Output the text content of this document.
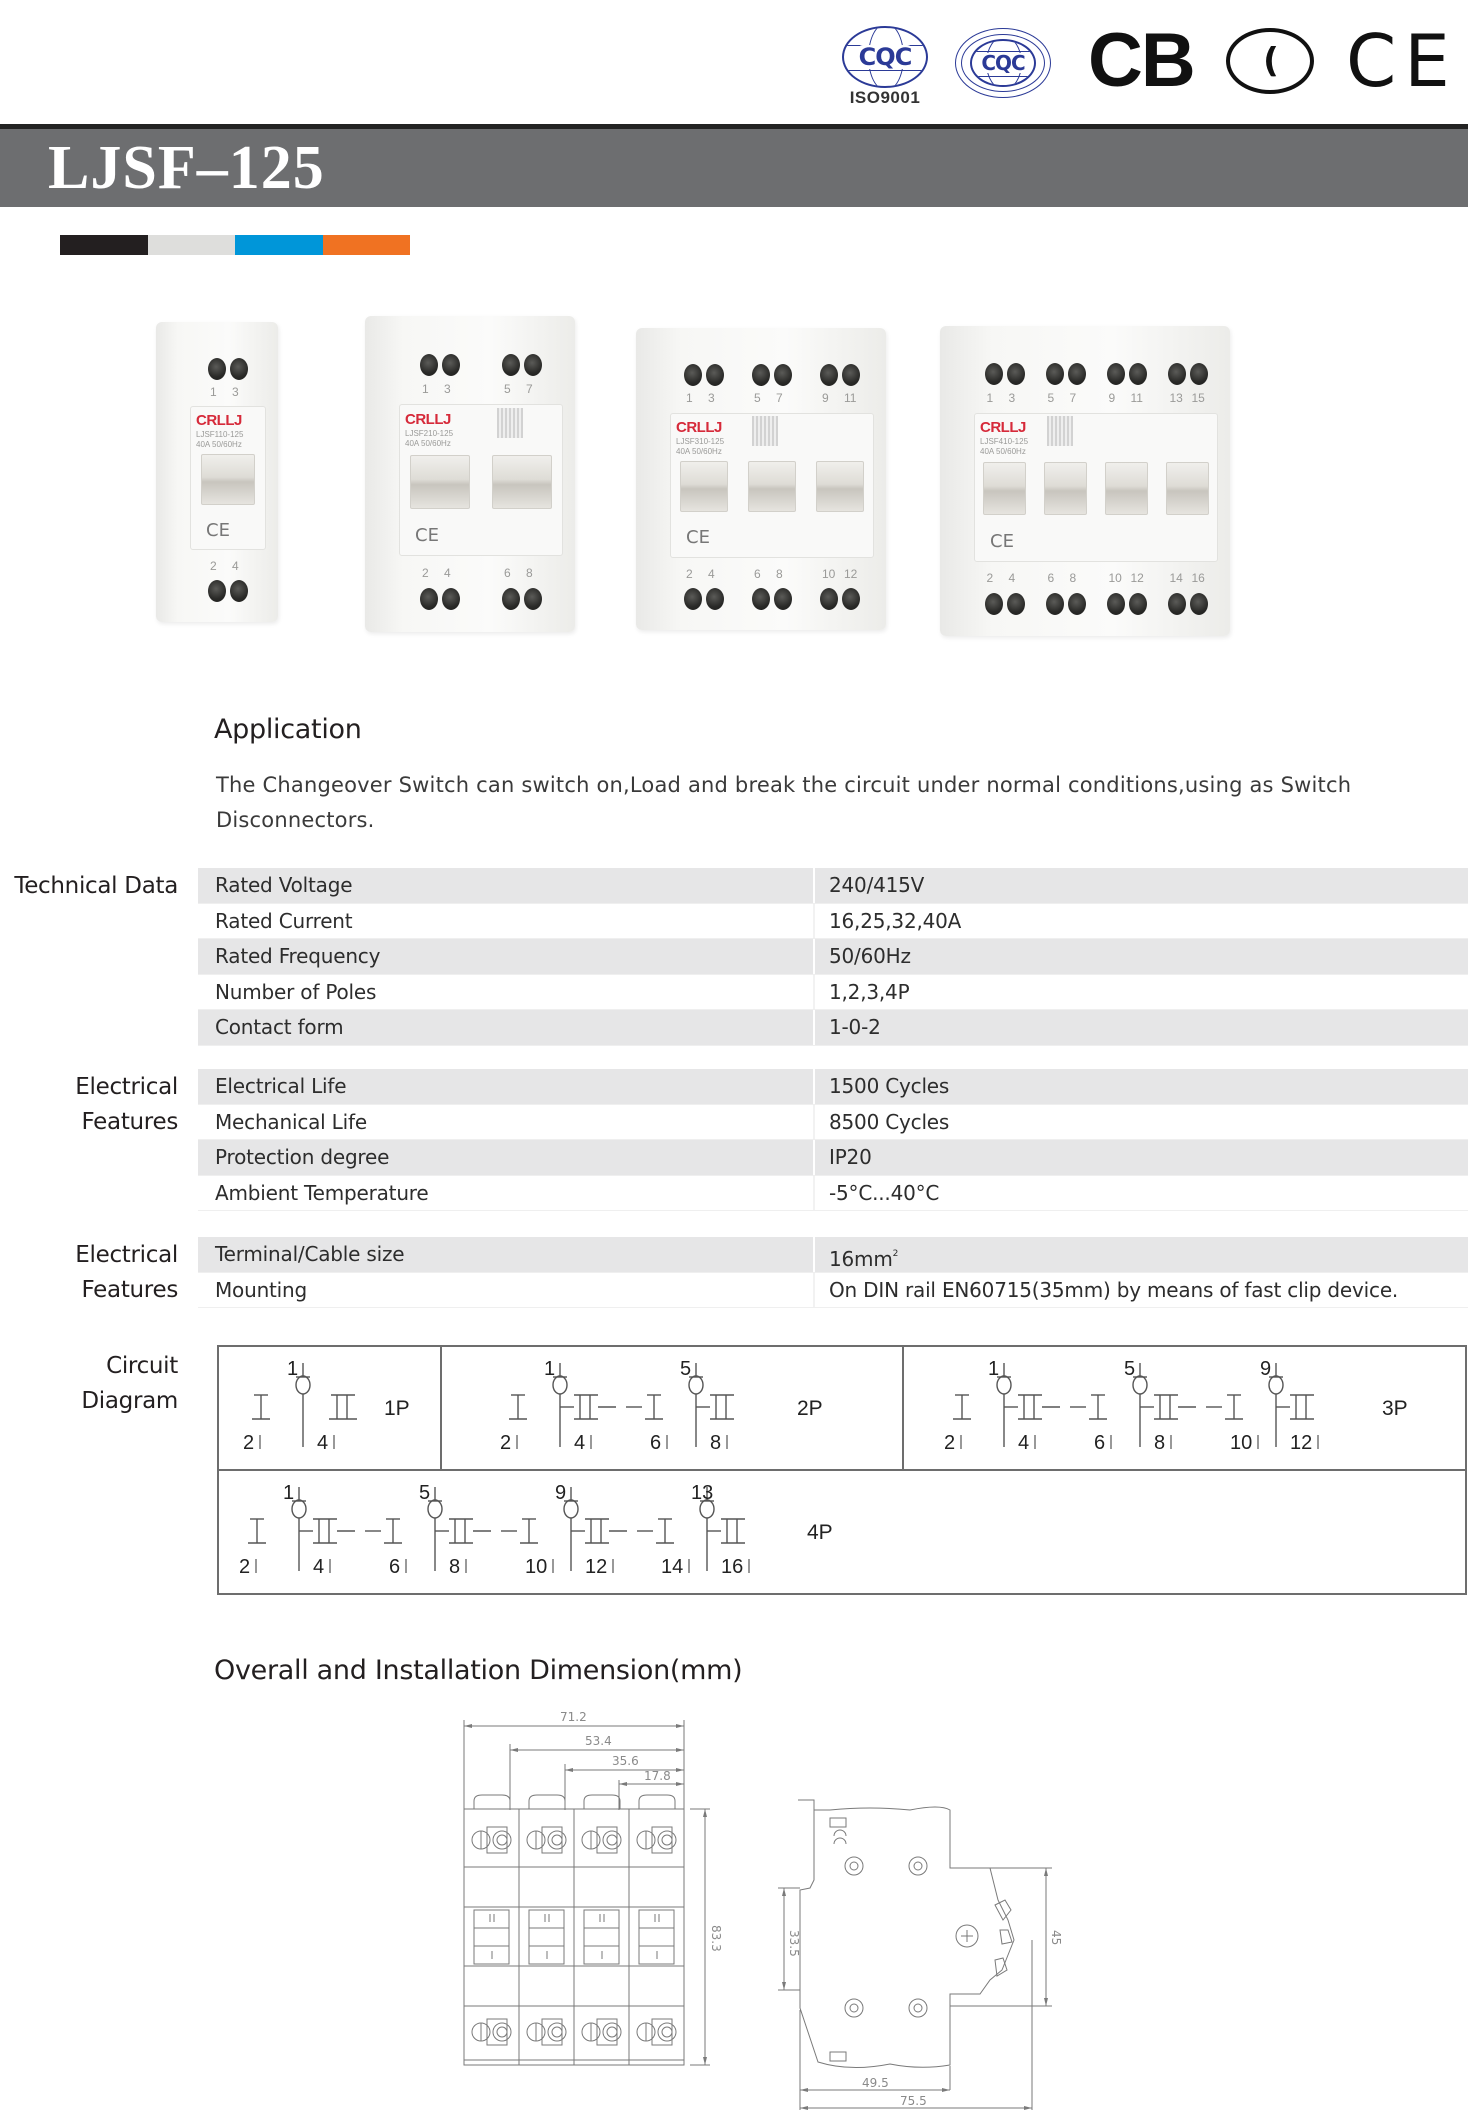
CQC
ISO9001
CQC CB ((( CE
LJSF–125
1 3
2 4
CRLLJ
LJSF110-125
40A 50/60Hz
CE
1 3
2 4
5 7
6 8
CRLLJ
LJSF210-125
40A 50/60Hz
CE
1 3
2 4
5 7
6 8
9 11
10 12
CRLLJ
LJSF310-125
40A 50/60Hz
CE
1 3
2 4
5 7
6 8
9 11
10 12
13 15
14 16
CRLLJ
LJSF410-125
40A 50/60Hz
CE
Application

The Changeover Switch can switch on,Load and break the circuit under normal conditions,using as Switch Disconnectors.

Technical Data	Rated Voltage	240/415V
Rated Current	16,25,32,40A
Rated Frequency	50/60Hz
Number of Poles	1,2,3,4P
Contact form	1-0-2
Electrical
Features
Electrical Life	1500 Cycles
Mechanical Life	8500 Cycles
Protection degree	IP20
Ambient Temperature	-5°C...40°C
Electrical
Features
Terminal/Cable size	$16mm^2$
Mounting	On DIN rail EN60715(35mm) by means of fast clip device.
Circuit
Diagram
1
2	4
1P
1	5
2	4	6 8
2P
1	5	9
2	4	6 8	10 12
3P
1	5	9	13
2	4	6 8	10 12	14 16
4P
Overall and Installation Dimension(mm)
71.2
53.4
35.6
17.8
83.3	33.5	45
49.5
75.5
